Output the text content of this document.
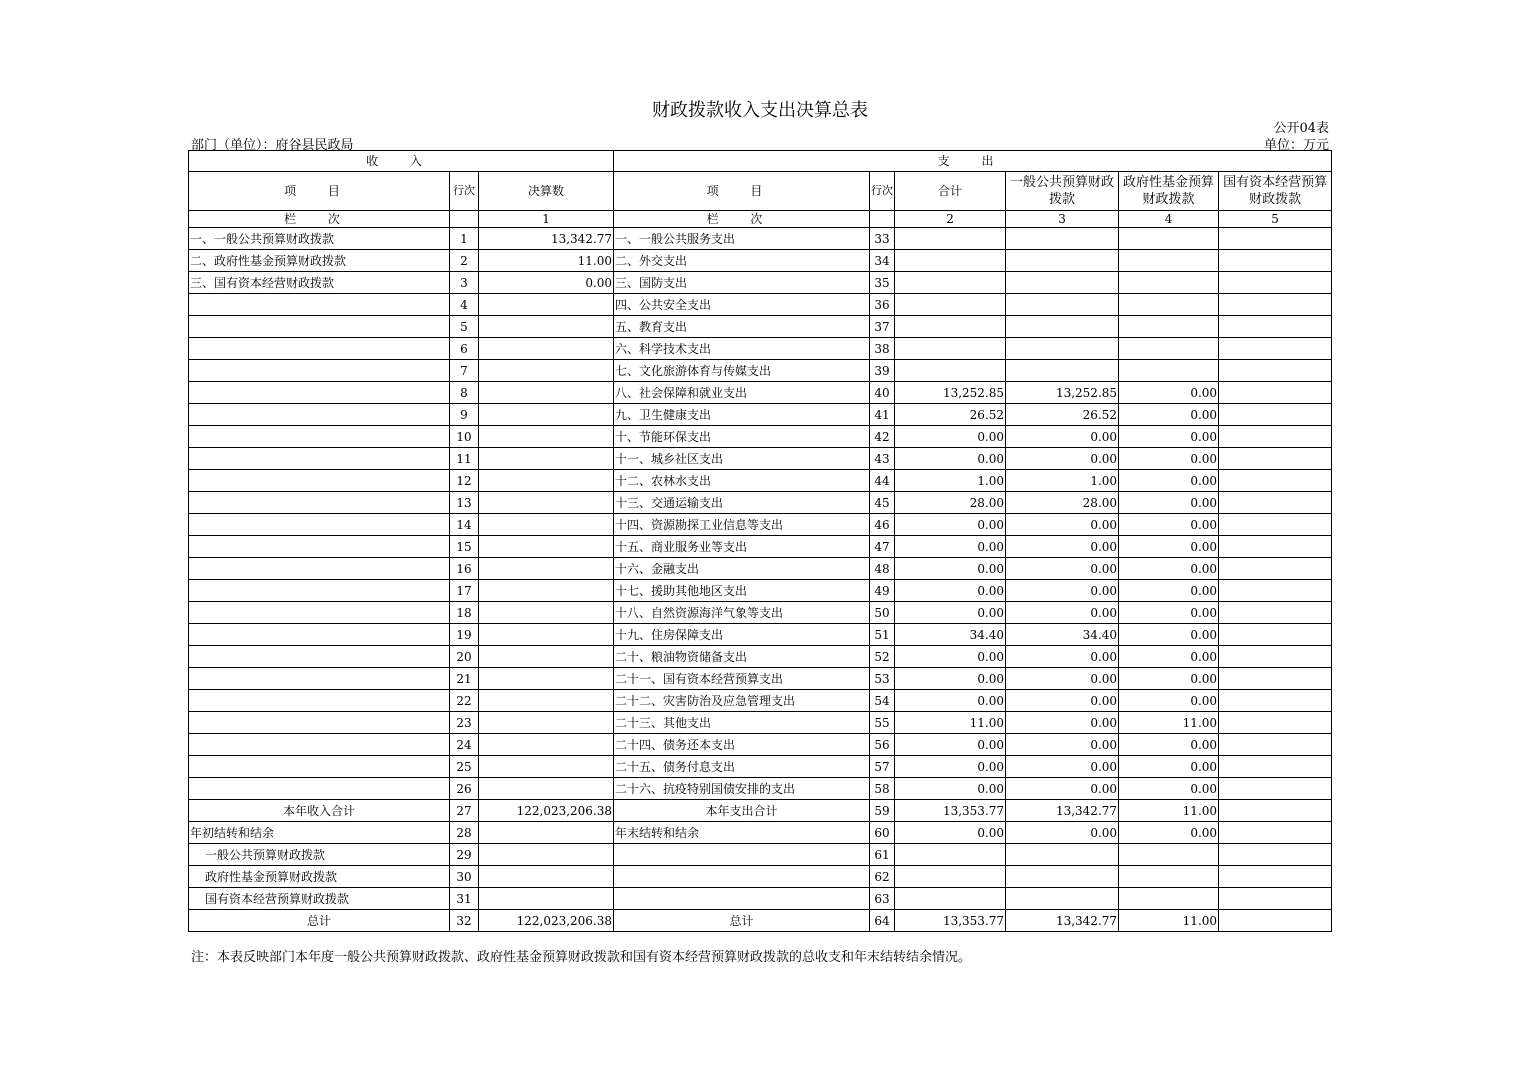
财政拨款收入支出决算总表
公开04表
部门（单位）：府谷县民政局	单位：万元
收 入			支 出					
项 目	行次	决算数	项 目	行次	合计	一般公共预算财政拨款	政府性基金预算财政拨款	国有资本经营预算财政拨款
栏 次		1	栏 次		2	3	4	5
一、一般公共预算财政拨款	1	13,342.77	一、一般公共服务支出	33				
二、政府性基金预算财政拨款	2	11.00	二、外交支出	34				
三、国有资本经营财政拨款	3	0.00	三、国防支出	35				
	4		四、公共安全支出	36				
	5		五、教育支出	37				
	6		六、科学技术支出	38				
	7		七、文化旅游体育与传媒支出	39				
	8		八、社会保障和就业支出	40	13,252.85	13,252.85	0.00	
	9		九、卫生健康支出	41	26.52	26.52	0.00	
	10		十、节能环保支出	42	0.00	0.00	0.00	
	11		十一、城乡社区支出	43	0.00	0.00	0.00	
	12		十二、农林水支出	44	1.00	1.00	0.00	
	13		十三、交通运输支出	45	28.00	28.00	0.00	
	14		十四、资源勘探工业信息等支出	46	0.00	0.00	0.00	
	15		十五、商业服务业等支出	47	0.00	0.00	0.00	
	16		十六、金融支出	48	0.00	0.00	0.00	
	17		十七、援助其他地区支出	49	0.00	0.00	0.00	
	18		十八、自然资源海洋气象等支出	50	0.00	0.00	0.00	
	19		十九、住房保障支出	51	34.40	34.40	0.00	
	20		二十、粮油物资储备支出	52	0.00	0.00	0.00	
	21		二十一、国有资本经营预算支出	53	0.00	0.00	0.00	
	22		二十二、灾害防治及应急管理支出	54	0.00	0.00	0.00	
	23		二十三、其他支出	55	11.00	0.00	11.00	
	24		二十四、债务还本支出	56	0.00	0.00	0.00	
	25		二十五、债务付息支出	57	0.00	0.00	0.00	
	26		二十六、抗疫特别国债安排的支出	58	0.00	0.00	0.00	
本年收入合计	27	122,023,206.38	本年支出合计	59	13,353.77	13,342.77	11.00	
年初结转和结余	28		年末结转和结余	60	0.00	0.00	0.00	
一般公共预算财政拨款	29			61				
政府性基金预算财政拨款	30			62				
国有资本经营预算财政拨款	31			63				
总计	32	122,023,206.38	总计	64	13,353.77	13,342.77	11.00	
注：本表反映部门本年度一般公共预算财政拨款、政府性基金预算财政拨款和国有资本经营预算财政拨款的总收支和年末结转结余情况。
